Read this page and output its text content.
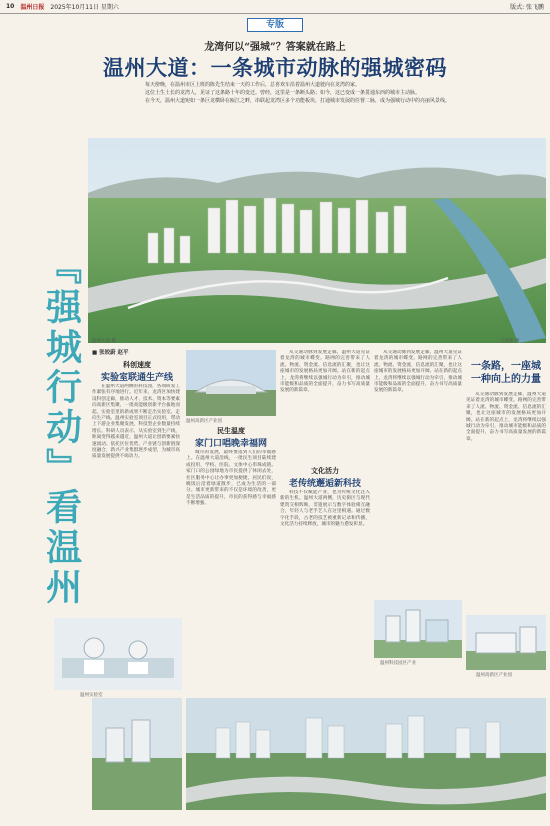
10 温州日报 2025年10月11日 星期六	版式: 张飞鹏
专版
龙湾何以“强城”？答案就在路上
温州大道：一条城市动脉的强城密码

每天傍晚，在温州市区上班的陈先生结束一天的工作后，总喜欢车沿着温州大道驶向在龙湾的家。

这位土生土长的龙湾人，见证了这条路十年的变迁。曾经，这里是一条断头路；如今，这已变成一条贯通东西的城市主动脉。

在今天，温州大道宛如一条巨龙横卧在瓯江之畔，串联起龙湾区多个功能板块，打通城市发展的任督二脉，成为强城行动中的亮丽风景线。

温州大道 摄	王国泰 摄
『强城行动』
看温州
■ 张皎蔚 赵平
科创速度
实验室联通生产线

在温州大道两侧的科技园，各项研发工作紧张有序地进行。近年来，龙湾区加快建设科创走廊，推动人才、技术、资本等要素向高新区集聚，一批高能级创新平台拔地而起。实验室里的新成果不断走出实验室、走向生产线。温州实验室项目正式投用，带动上下游企业集聚发展，科技型企业数量持续增长。科研人员表示，从实验室到生产线，距离变得越来越近，温州大道让创新要素快速流动。依托区位优势，产业链与创新链深度融合，新兴产业集群逐步成型，为城市高质量发展提供不竭动力。

温州实验室
温州高新区产业园
民生温度
家门口唱晚幸福网

城市的发展，最终要落到人们的幸福感上。在温州大道沿线，一批民生项目陆续建成投用，学校、医院、文体中心串珠成链。家门口的公园绿地为市民提供了休闲去处，社区服务中心让办事更加便捷。居民们说，晚饭后沿着绿道散步，已成为生活的一部分。城市更新带来的不仅是环境的改善，更是生活品质的提升，市民的获得感与幸福感不断增强。

从交通动脉到发展走廊，温州大道见证着龙湾的城市蝶变。路网的完善带来了人流、物流、资金流、信息流的汇聚，也让这座城市的发展格局更加开阔。站在新的起点上，龙湾将继续以强城行动为牵引，推动城市能级和品质的全面提升，奋力书写高质量发展的新篇章。

文化活力
老传统邂逅新科技

科技不仅赋能产业，也为传统文化注入新的生机。温州大道两侧，历史街区与现代建筑交相辉映，非遗展示与数字体验相互融合，年轻人与老手艺人在这里相遇。通过数字化手段，古老的技艺被重新记录和传播，文化活力持续释放，城市的魅力愈发彰显。

从交通动脉到发展走廊，温州大道见证着龙湾的城市蝶变。路网的完善带来了人流、物流、资金流、信息流的汇聚，也让这座城市的发展格局更加开阔。站在新的起点上，龙湾将继续以强城行动为牵引，推动城市能级和品质的全面提升，奋力书写高质量发展的新篇章。

温州科技园区产业
一条路，一座城
一种向上的力量

从交通动脉到发展走廊，温州大道见证着龙湾的城市蝶变。路网的完善带来了人流、物流、资金流、信息流的汇聚，也让这座城市的发展格局更加开阔。站在新的起点上，龙湾将继续以强城行动为牵引，推动城市能级和品质的全面提升，奋力书写高质量发展的新篇章。

温州高新区产业园
